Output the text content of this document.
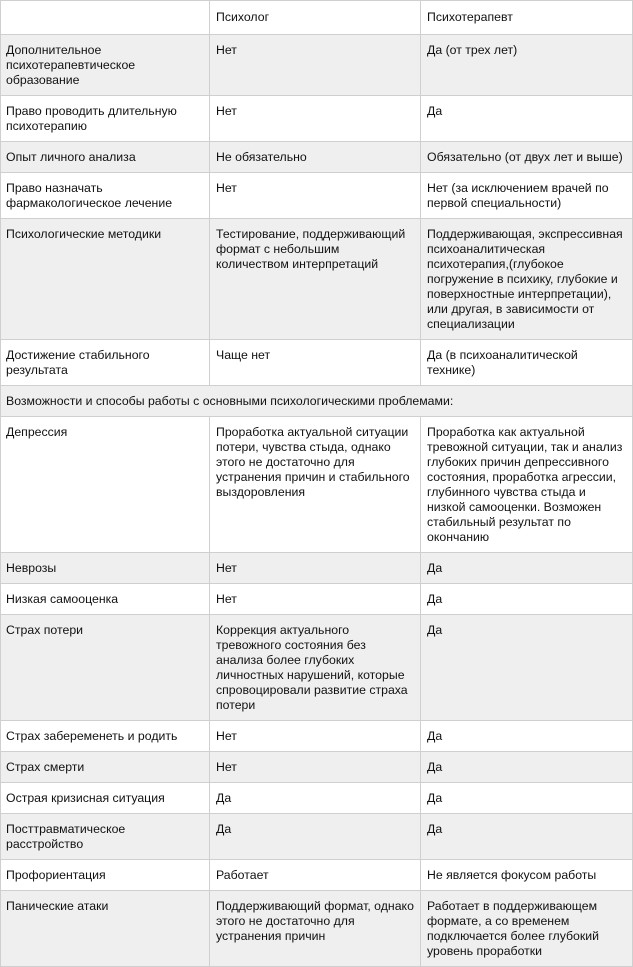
	Психолог	Психотерапевт
Дополнительное психотерапевтическое образование	Нет	Да (от трех лет)
Право проводить длительную психотерапию	Нет	Да
Опыт личного анализа	Не обязательно	Обязательно (от двух лет и выше)
Право назначать фармакологическое лечение	Нет	Нет (за исключением врачей по первой специальности)
Психологические методики	Тестирование, поддерживающий формат с небольшим количеством интерпретаций	Поддерживающая, экспрессивная психоаналитическая психотерапия,(глубокое погружение в психику, глубокие и поверхностные интерпретации), или другая, в зависимости от специализации
Достижение стабильного результата	Чаще нет	Да (в психоаналитической технике)
Возможности и способы работы с основными психологическими проблемами:		
Депрессия	Проработка актуальной ситуации потери, чувства стыда, однако этого не достаточно для устранения причин и стабильного выздоровления	Проработка как актуальной тревожной ситуации, так и анализ глубоких причин депрессивного состояния, проработка агрессии, глубинного чувства стыда и низкой самооценки. Возможен стабильный результат по окончанию
Неврозы	Нет	Да
Низкая самооценка	Нет	Да
Страх потери	Коррекция актуального тревожного состояния без анализа более глубоких личностных нарушений, которые спровоцировали развитие страха потери	Да
Страх забеременеть и родить	Нет	Да
Страх смерти	Нет	Да
Острая кризисная ситуация	Да	Да
Посттравматическое расстройство	Да	Да
Профориентация	Работает	Не является фокусом работы
Панические атаки	Поддерживающий формат, однако этого не достаточно для устранения причин	Работает в поддерживающем формате, а со временем подключается более глубокий уровень проработки
